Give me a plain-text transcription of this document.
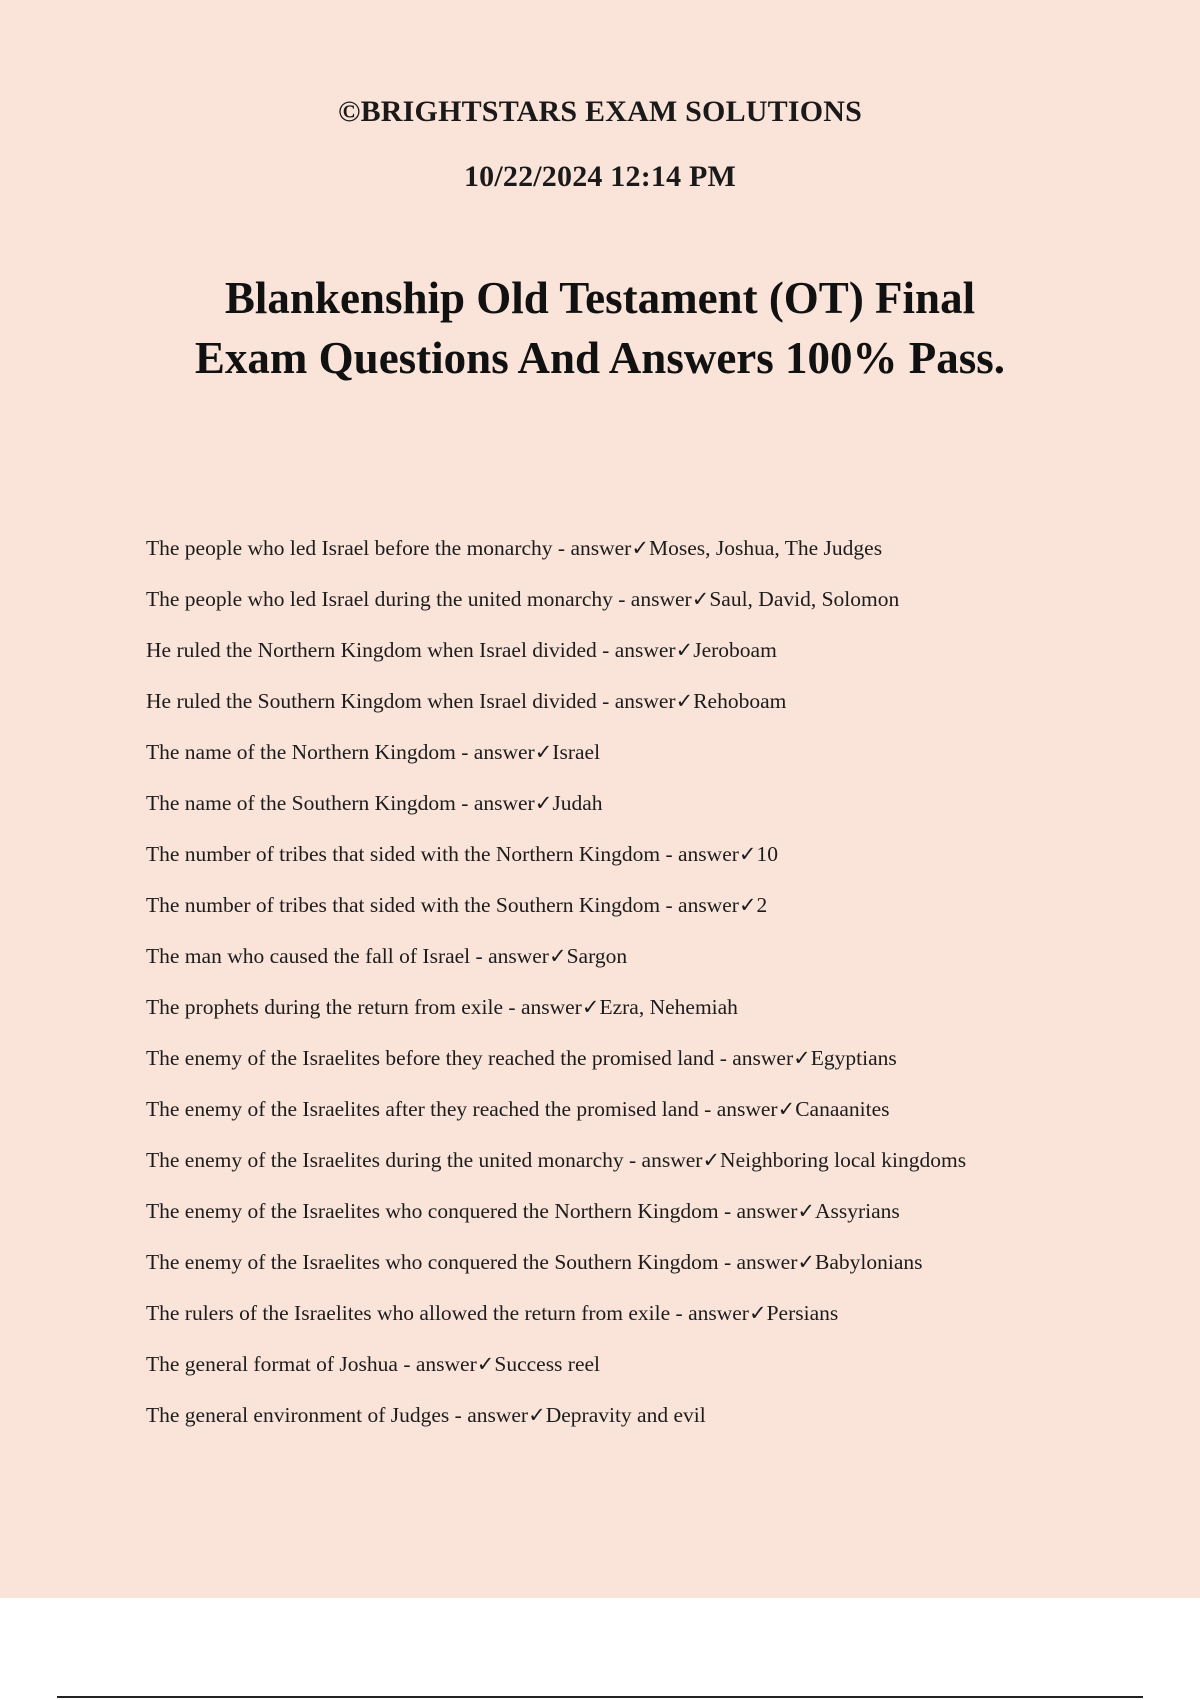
©BRIGHTSTARS EXAM SOLUTIONS
10/22/2024 12:14 PM
Blankenship Old Testament (OT) Final
Exam Questions And Answers 100% Pass.
The people who led Israel before the monarchy - answer✓Moses, Joshua, The Judges
The people who led Israel during the united monarchy - answer✓Saul, David, Solomon
He ruled the Northern Kingdom when Israel divided - answer✓Jeroboam
He ruled the Southern Kingdom when Israel divided - answer✓Rehoboam
The name of the Northern Kingdom - answer✓Israel
The name of the Southern Kingdom - answer✓Judah
The number of tribes that sided with the Northern Kingdom - answer✓10
The number of tribes that sided with the Southern Kingdom - answer✓2
The man who caused the fall of Israel - answer✓Sargon
The prophets during the return from exile - answer✓Ezra, Nehemiah
The enemy of the Israelites before they reached the promised land - answer✓Egyptians
The enemy of the Israelites after they reached the promised land - answer✓Canaanites
The enemy of the Israelites during the united monarchy - answer✓Neighboring local kingdoms
The enemy of the Israelites who conquered the Northern Kingdom - answer✓Assyrians
The enemy of the Israelites who conquered the Southern Kingdom - answer✓Babylonians
The rulers of the Israelites who allowed the return from exile - answer✓Persians
The general format of Joshua - answer✓Success reel
The general environment of Judges - answer✓Depravity and evil
